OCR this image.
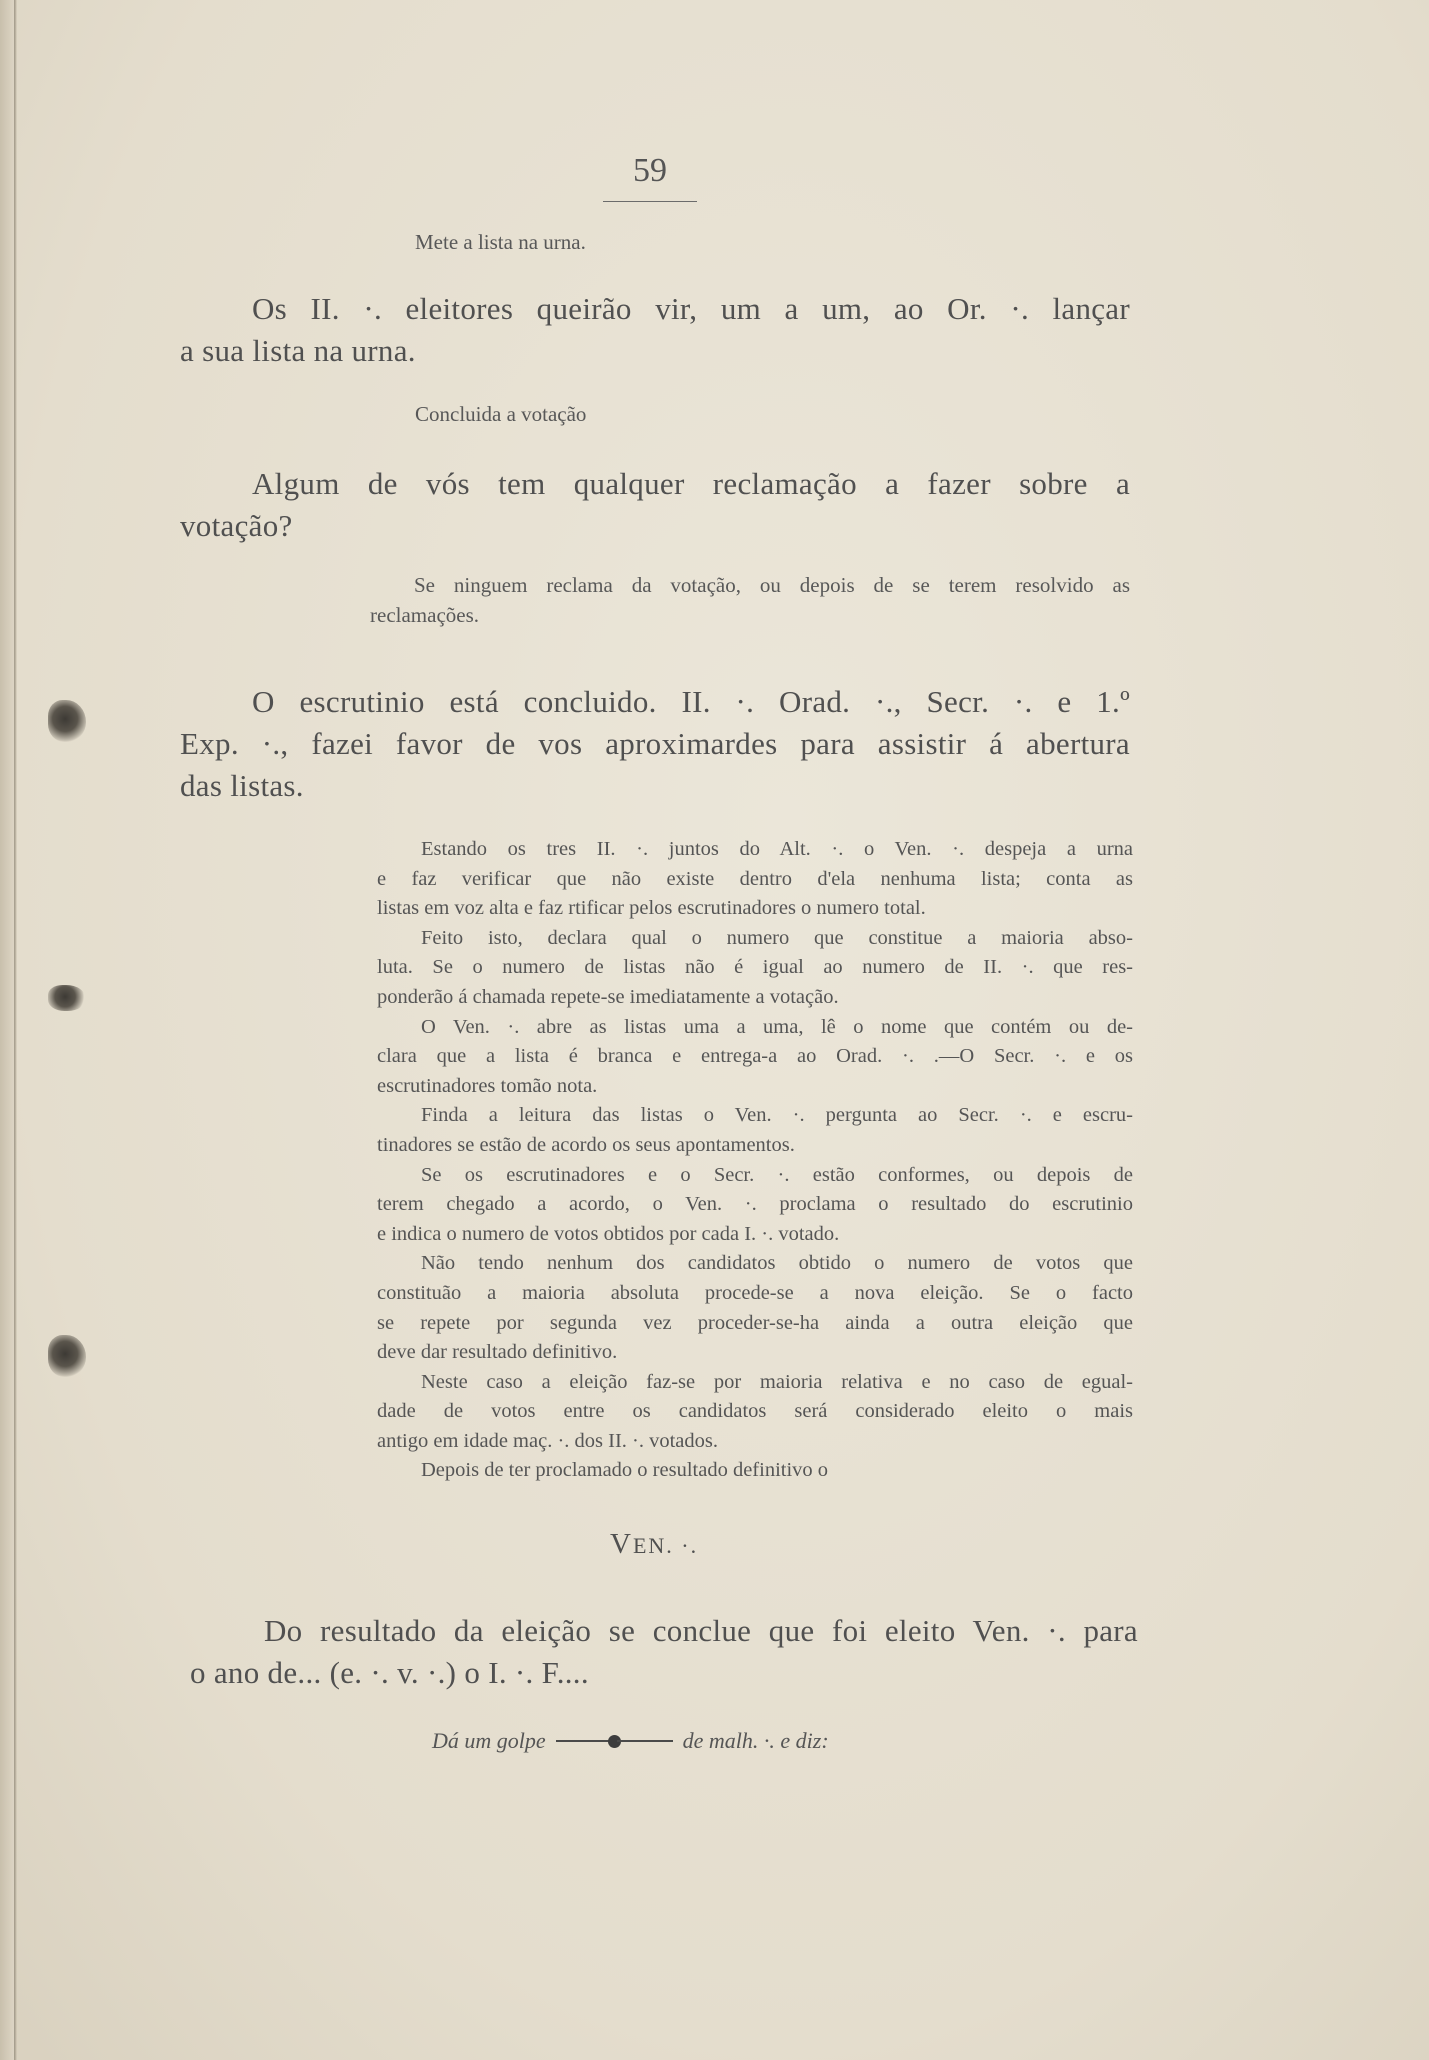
59

Mete a lista na urna.

Os II. ·. eleitores queirão vir, um a um, ao Or. ·. lançar
a sua lista na urna.

Concluida a votação

Algum de vós tem qualquer reclamação a fazer sobre a
votação?
Se ninguem reclama da votação, ou depois de se terem resolvido as
reclamações.
O escrutinio está concluido. II. ·. Orad. ·., Secr. ·. e 1.º
Exp. ·., fazei favor de vos aproximardes para assistir á abertura
das listas.
Estando os tres II. ·. juntos do Alt. ·. o Ven. ·. despeja a urna
e faz verificar que não existe dentro d'ela nenhuma lista; conta as
listas em voz alta e faz rtificar pelos escrutinadores o numero total.
Feito isto, declara qual o numero que constitue a maioria abso-
luta. Se o numero de listas não é igual ao numero de II. ·. que res-
ponderão á chamada repete-se imediatamente a votação.
O Ven. ·. abre as listas uma a uma, lê o nome que contém ou de-
clara que a lista é branca e entrega-a ao Orad. ·. .—O Secr. ·. e os
escrutinadores tomão nota.
Finda a leitura das listas o Ven. ·. pergunta ao Secr. ·. e escru-
tinadores se estão de acordo os seus apontamentos.
Se os escrutinadores e o Secr. ·. estão conformes, ou depois de
terem chegado a acordo, o Ven. ·. proclama o resultado do escrutinio
e indica o numero de votos obtidos por cada I. ·. votado.
Não tendo nenhum dos candidatos obtido o numero de votos que
constituão a maioria absoluta procede-se a nova eleição. Se o facto
se repete por segunda vez proceder-se-ha ainda a outra eleição que
deve dar resultado definitivo.
Neste caso a eleição faz-se por maioria relativa e no caso de egual-
dade de votos entre os candidatos será considerado eleito o mais
antigo em idade maç. ·. dos II. ·. votados.
Depois de ter proclamado o resultado definitivo o
VEN. ·.
Do resultado da eleição se conclue que foi eleito Ven. ·. para
o ano de... (e. ·. v. ·.) o I. ·. F....
Dá um golpe	de malh. ·. e diz:
